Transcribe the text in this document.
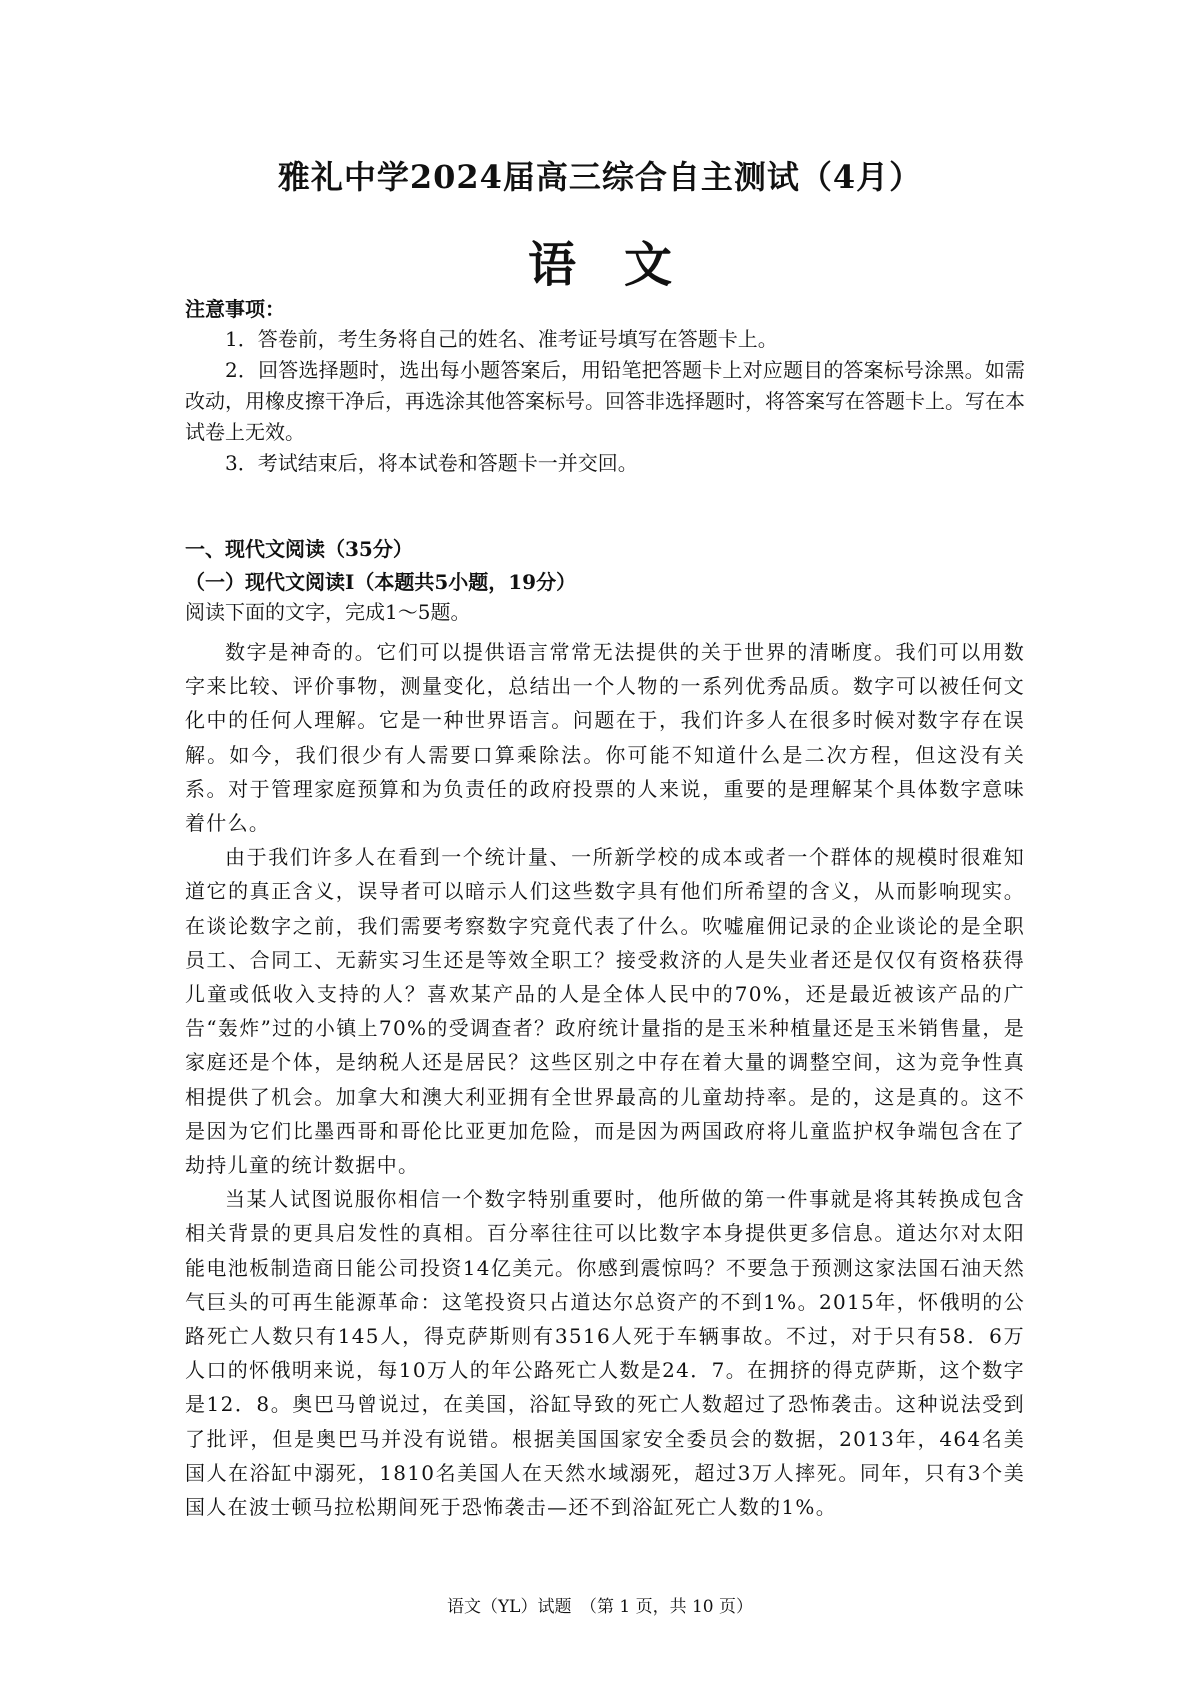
雅礼中学2024届高三综合自主测试（4月）
语文
注意事项：

1．答卷前，考生务将自己的姓名、准考证号填写在答题卡上。

2．回答选择题时，选出每小题答案后，用铅笔把答题卡上对应题目的答案标号涂黑。如需改动，用橡皮擦干净后，再选涂其他答案标号。回答非选择题时，将答案写在答题卡上。写在本试卷上无效。

3．考试结束后，将本试卷和答题卡一并交回。

一、现代文阅读（35分）
（一）现代文阅读Ⅰ（本题共5小题，19分）
阅读下面的文字，完成1～5题。

数字是神奇的。它们可以提供语言常常无法提供的关于世界的清晰度。我们可以用数字来比较、评价事物，测量变化，总结出一个人物的一系列优秀品质。数字可以被任何文化中的任何人理解。它是一种世界语言。问题在于，我们许多人在很多时候对数字存在误解。如今，我们很少有人需要口算乘除法。你可能不知道什么是二次方程，但这没有关系。对于管理家庭预算和为负责任的政府投票的人来说，重要的是理解某个具体数字意味着什么。

由于我们许多人在看到一个统计量、一所新学校的成本或者一个群体的规模时很难知道它的真正含义，误导者可以暗示人们这些数字具有他们所希望的含义，从而影响现实。在谈论数字之前，我们需要考察数字究竟代表了什么。吹嘘雇佣记录的企业谈论的是全职员工、合同工、无薪实习生还是等效全职工？接受救济的人是失业者还是仅仅有资格获得儿童或低收入支持的人？喜欢某产品的人是全体人民中的70%，还是最近被该产品的广告“轰炸”过的小镇上70%的受调查者？政府统计量指的是玉米种植量还是玉米销售量，是家庭还是个体，是纳税人还是居民？这些区别之中存在着大量的调整空间，这为竞争性真相提供了机会。加拿大和澳大利亚拥有全世界最高的儿童劫持率。是的，这是真的。这不是因为它们比墨西哥和哥伦比亚更加危险，而是因为两国政府将儿童监护权争端包含在了劫持儿童的统计数据中。

当某人试图说服你相信一个数字特别重要时，他所做的第一件事就是将其转换成包含相关背景的更具启发性的真相。百分率往往可以比数字本身提供更多信息。道达尔对太阳能电池板制造商日能公司投资14亿美元。你感到震惊吗？不要急于预测这家法国石油天然气巨头的可再生能源革命：这笔投资只占道达尔总资产的不到1%。2015年，怀俄明的公路死亡人数只有145人，得克萨斯则有3516人死于车辆事故。不过，对于只有58．6万人口的怀俄明来说，每10万人的年公路死亡人数是24．7。在拥挤的得克萨斯，这个数字是12．8。奥巴马曾说过，在美国，浴缸导致的死亡人数超过了恐怖袭击。这种说法受到了批评，但是奥巴马并没有说错。根据美国国家安全委员会的数据，2013年，464名美国人在浴缸中溺死，1810名美国人在天然水域溺死，超过3万人摔死。同年，只有3个美国人在波士顿马拉松期间死于恐怖袭击—还不到浴缸死亡人数的1%。

语文（YL）试题　（第 1 页，共 10 页）
